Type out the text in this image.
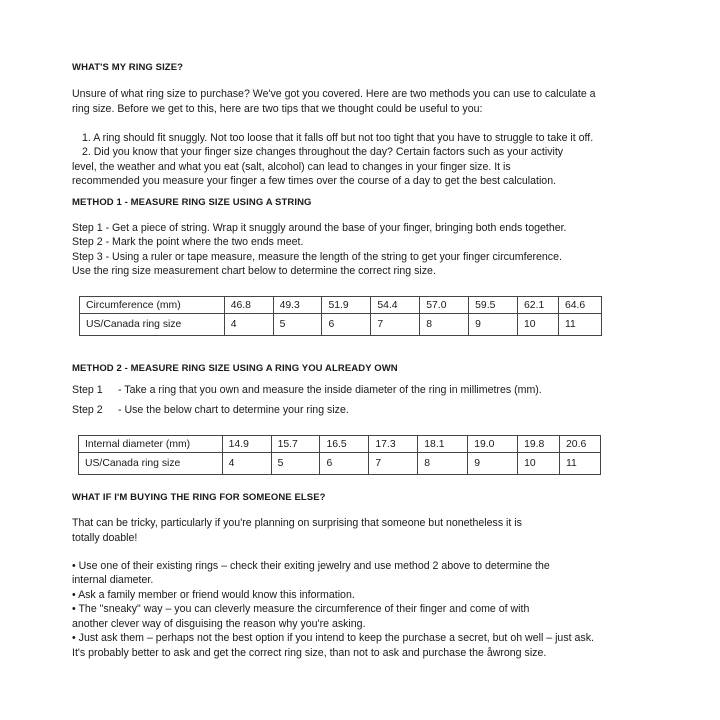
WHAT'S MY RING SIZE?
Unsure of what ring size to purchase? We've got you covered. Here are two methods you can use to calculate a
ring size. Before we get to this, here are two tips that we thought could be useful to you:
1. A ring should fit snuggly. Not too loose that it falls off but not too tight that you have to struggle to take it off.
2. Did you know that your finger size changes throughout the day? Certain factors such as your activity
level, the weather and what you eat (salt, alcohol) can lead to changes in your finger size. It is
recommended you measure your finger a few times over the course of a day to get the best calculation.
METHOD 1 - MEASURE RING SIZE USING A STRING
Step 1 - Get a piece of string. Wrap it snuggly around the base of your finger, bringing both ends together.
Step 2 - Mark the point where the two ends meet.
Step 3 - Using a ruler or tape measure, measure the length of the string to get your finger circumference.
Use the ring size measurement chart below to determine the correct ring size.
Circumference (mm)	46.8	49.3	51.9	54.4	57.0	59.5	62.1	64.6
US/Canada ring size	4	5	6	7	8	9	10	11
METHOD 2 - MEASURE RING SIZE USING A RING YOU ALREADY OWN
Step 1 - Take a ring that you own and measure the inside diameter of the ring in millimetres (mm).
Step 2 - Use the below chart to determine your ring size.
Internal diameter (mm)	14.9	15.7	16.5	17.3	18.1	19.0	19.8	20.6
US/Canada ring size	4	5	6	7	8	9	10	11
WHAT IF I'M BUYING THE RING FOR SOMEONE ELSE?
That can be tricky, particularly if you're planning on surprising that someone but nonetheless it is
totally doable!
• Use one of their existing rings – check their exiting jewelry and use method 2 above to determine the
internal diameter.
• Ask a family member or friend would know this information.
• The "sneaky" way – you can cleverly measure the circumference of their finger and come of with
another clever way of disguising the reason why you're asking.
• Just ask them – perhaps not the best option if you intend to keep the purchase a secret, but oh well – just ask.
It's probably better to ask and get the correct ring size, than not to ask and purchase the åwrong size.
